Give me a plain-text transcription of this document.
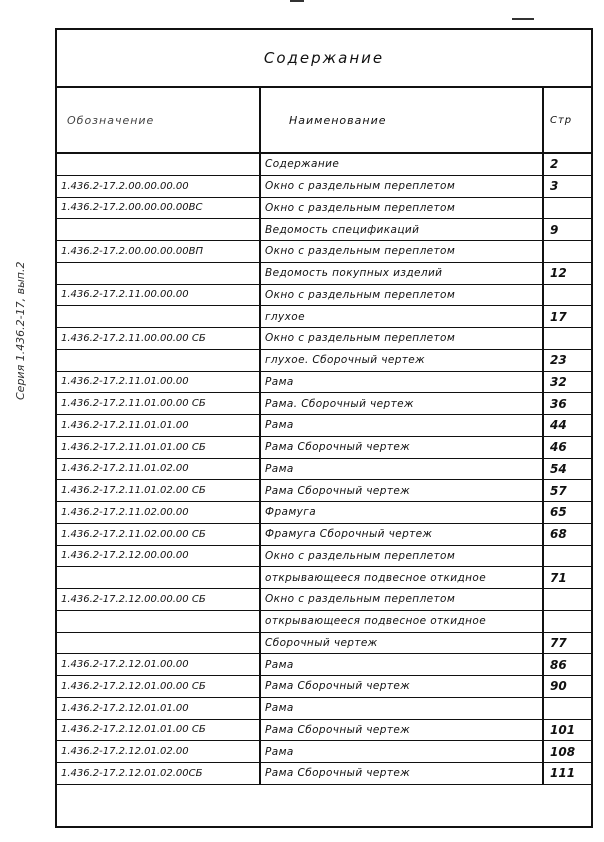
Серия 1.436.2-17, вып.2
Содержание
Обозначение	Наименование	Стр
	Содержание	2
1.436.2-17.2.00.00.00.00	Окно с раздельным переплетом	3
1.436.2-17.2.00.00.00.00ВС	Окно с раздельным переплетом	
	Ведомость спецификаций	9
1.436.2-17.2.00.00.00.00ВП	Окно с раздельным переплетом	
	Ведомость покупных изделий	12
1.436.2-17.2.11.00.00.00	Окно с раздельным переплетом	
	глухое	17
1.436.2-17.2.11.00.00.00 СБ	Окно с раздельным переплетом	
	глухое. Сборочный чертеж	23
1.436.2-17.2.11.01.00.00	Рама	32
1.436.2-17.2.11.01.00.00 СБ	Рама. Сборочный чертеж	36
1.436.2-17.2.11.01.01.00	Рама	44
1.436.2-17.2.11.01.01.00 СБ	Рама Сборочный чертеж	46
1.436.2-17.2.11.01.02.00	Рама	54
1.436.2-17.2.11.01.02.00 СБ	Рама Сборочный чертеж	57
1.436.2-17.2.11.02.00.00	Фрамуга	65
1.436.2-17.2.11.02.00.00 СБ	Фрамуга Сборочный чертеж	68
1.436.2-17.2.12.00.00.00	Окно с раздельным переплетом	
	открывающееся подвесное откидное	71
1.436.2-17.2.12.00.00.00 СБ	Окно с раздельным переплетом	
	открывающееся подвесное откидное	
	Сборочный чертеж	77
1.436.2-17.2.12.01.00.00	Рама	86
1.436.2-17.2.12.01.00.00 СБ	Рама Сборочный чертеж	90
1.436.2-17.2.12.01.01.00	Рама	
1.436.2-17.2.12.01.01.00 СБ	Рама Сборочный чертеж	101
1.436.2-17.2.12.01.02.00	Рама	108
1.436.2-17.2.12.01.02.00СБ	Рама Сборочный чертеж	111
